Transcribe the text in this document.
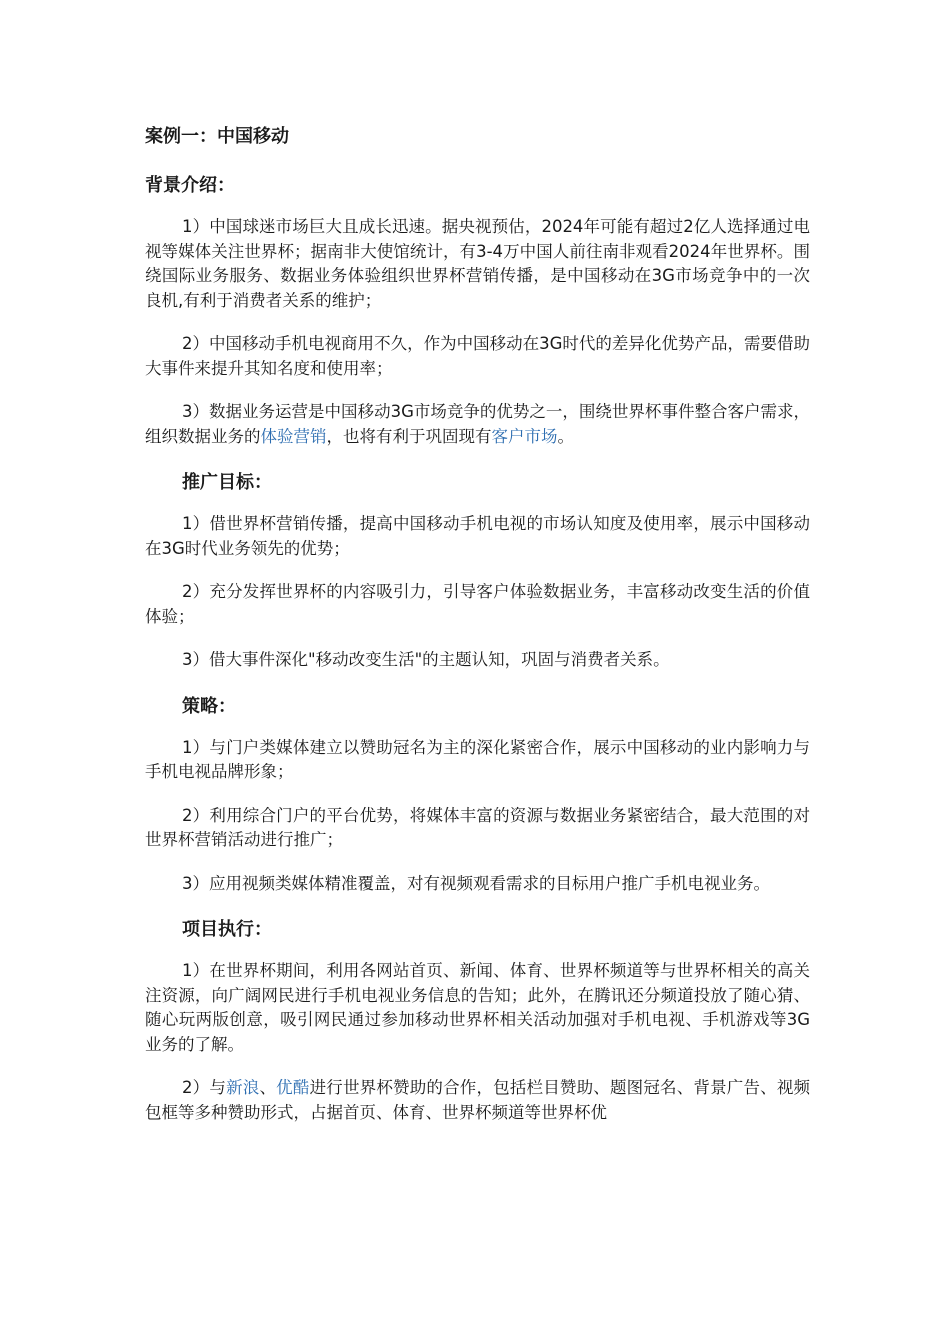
案例一：中国移动
背景介绍：

1）中国球迷市场巨大且成长迅速。据央视预估，2024年可能有超过2亿人选择通过电视等媒体关注世界杯；据南非大使馆统计，有3-4万中国人前往南非观看2024年世界杯。围绕国际业务服务、数据业务体验组织世界杯营销传播，是中国移动在3G市场竞争中的一次良机,有利于消费者关系的维护；

2）中国移动手机电视商用不久，作为中国移动在3G时代的差异化优势产品，需要借助大事件来提升其知名度和使用率；

3）数据业务运营是中国移动3G市场竞争的优势之一，围绕世界杯事件整合客户需求，组织数据业务的体验营销，也将有利于巩固现有客户市场。

推广目标：

1）借世界杯营销传播，提高中国移动手机电视的市场认知度及使用率，展示中国移动在3G时代业务领先的优势；

2）充分发挥世界杯的内容吸引力，引导客户体验数据业务，丰富移动改变生活的价值体验；

3）借大事件深化"移动改变生活"的主题认知，巩固与消费者关系。

策略：

1）与门户类媒体建立以赞助冠名为主的深化紧密合作，展示中国移动的业内影响力与手机电视品牌形象；

2）利用综合门户的平台优势，将媒体丰富的资源与数据业务紧密结合，最大范围的对世界杯营销活动进行推广；

3）应用视频类媒体精准覆盖，对有视频观看需求的目标用户推广手机电视业务。

项目执行：

1）在世界杯期间，利用各网站首页、新闻、体育、世界杯频道等与世界杯相关的高关注资源，向广阔网民进行手机电视业务信息的告知；此外，在腾讯还分频道投放了随心猜、随心玩两版创意，吸引网民通过参加移动世界杯相关活动加强对手机电视、手机游戏等3G业务的了解。

2）与新浪、优酷进行世界杯赞助的合作，包括栏目赞助、题图冠名、背景广告、视频包框等多种赞助形式，占据首页、体育、世界杯频道等世界杯优
